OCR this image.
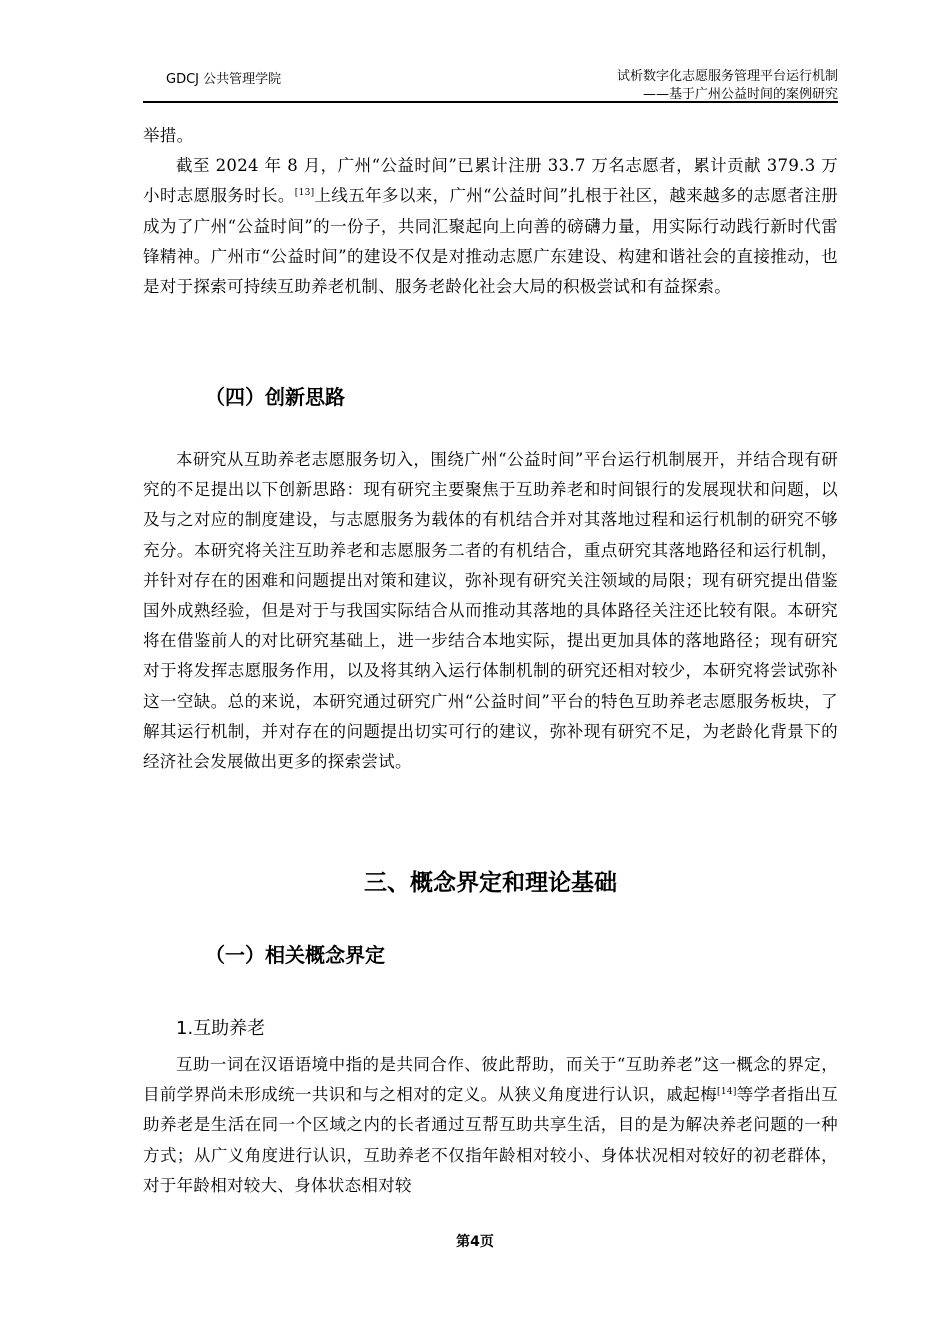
GDCJ 公共管理学院	试析数字化志愿服务管理平台运行机制
——基于广州公益时间的案例研究

举措。

截至 2024 年 8 月，广州“公益时间”已累计注册 33.7 万名志愿者，累计贡献 379.3 万小时志愿服务时长。[13]上线五年多以来，广州“公益时间”扎根于社区，越来越多的志愿者注册成为了广州“公益时间”的一份子，共同汇聚起向上向善的磅礴力量，用实际行动践行新时代雷锋精神。广州市“公益时间”的建设不仅是对推动志愿广东建设、构建和谐社会的直接推动，也是对于探索可持续互助养老机制、服务老龄化社会大局的积极尝试和有益探索。

（四）创新思路

本研究从互助养老志愿服务切入，围绕广州“公益时间”平台运行机制展开，并结合现有研究的不足提出以下创新思路：现有研究主要聚焦于互助养老和时间银行的发展现状和问题，以及与之对应的制度建设，与志愿服务为载体的有机结合并对其落地过程和运行机制的研究不够充分。本研究将关注互助养老和志愿服务二者的有机结合，重点研究其落地路径和运行机制，并针对存在的困难和问题提出对策和建议，弥补现有研究关注领域的局限；现有研究提出借鉴国外成熟经验，但是对于与我国实际结合从而推动其落地的具体路径关注还比较有限。本研究将在借鉴前人的对比研究基础上，进一步结合本地实际，提出更加具体的落地路径；现有研究对于将发挥志愿服务作用，以及将其纳入运行体制机制的研究还相对较少，本研究将尝试弥补这一空缺。总的来说，本研究通过研究广州“公益时间”平台的特色互助养老志愿服务板块，了解其运行机制，并对存在的问题提出切实可行的建议，弥补现有研究不足，为老龄化背景下的经济社会发展做出更多的探索尝试。

三、概念界定和理论基础
（一）相关概念界定
1.互助养老

互助一词在汉语语境中指的是共同合作、彼此帮助，而关于“互助养老”这一概念的界定，目前学界尚未形成统一共识和与之相对的定义。从狭义角度进行认识，戚起梅[14]等学者指出互助养老是生活在同一个区域之内的长者通过互帮互助共享生活，目的是为解决养老问题的一种方式；从广义角度进行认识，互助养老不仅指年龄相对较小、身体状况相对较好的初老群体，对于年龄相对较大、身体状态相对较

第4页
